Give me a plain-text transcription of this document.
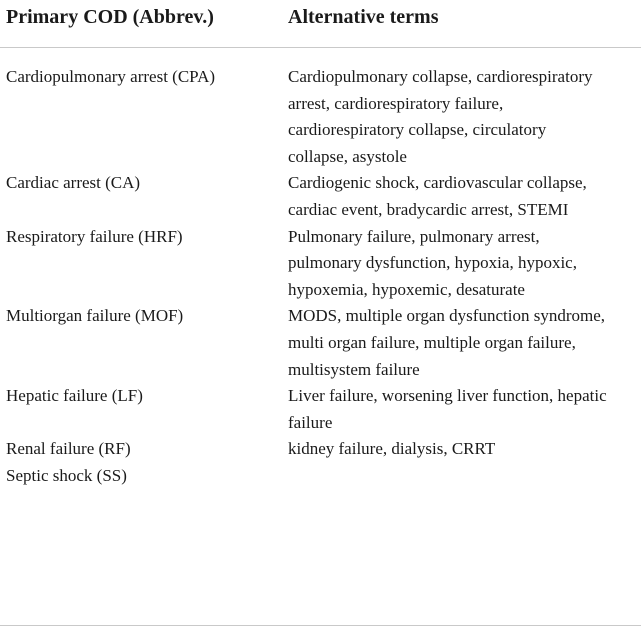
Primary COD (Abbrev.)	Alternative terms
Cardiopulmonary arrest (CPA)	Cardiopulmonary collapse, cardiorespiratory arrest, cardiorespiratory failure, cardiorespiratory collapse, circulatory collapse, asystole
Cardiac arrest (CA)	Cardiogenic shock, cardiovascular collapse, cardiac event, bradycardic arrest, STEMI
Respiratory failure (HRF)	Pulmonary failure, pulmonary arrest, pulmonary dysfunction, hypoxia, hypoxic, hypoxemia, hypoxemic, desaturate
Multiorgan failure (MOF)	MODS, multiple organ dysfunction syndrome, multi organ failure, multiple organ failure, multisystem failure
Hepatic failure (LF)	Liver failure, worsening liver function, hepatic failure
Renal failure (RF)	kidney failure, dialysis, CRRT
Septic shock (SS)
